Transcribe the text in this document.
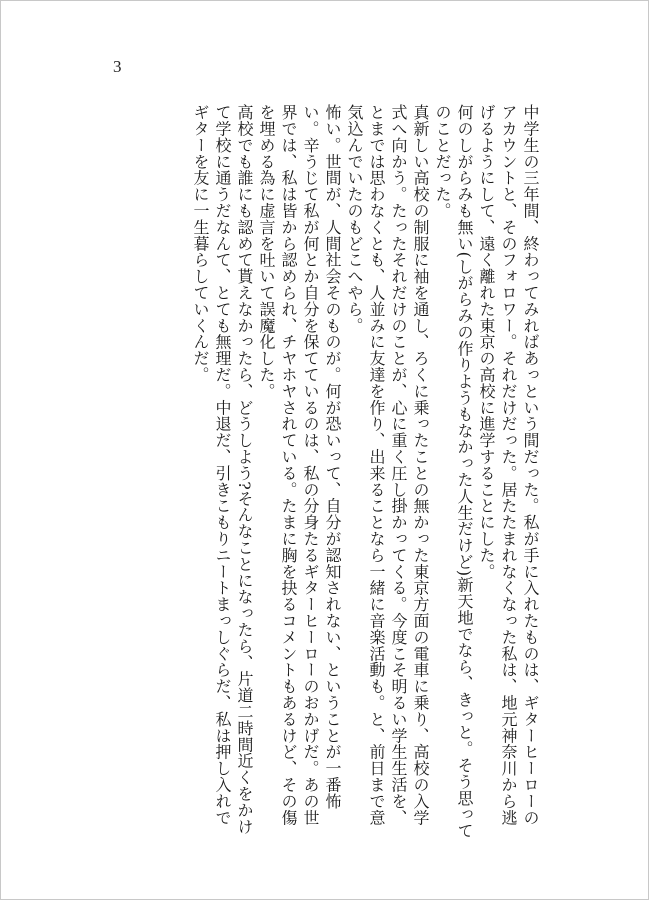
3

中学生の三年間、終わってみればあっという間だった。私が手に入れたものは、ギターヒーローのアカウントと、そのフォロワー。それだけだった。居たたまれなくなった私は、地元神奈川から逃げるようにして、遠く離れた東京の高校に進学することにした。

何のしがらみも無い(しがらみの作りようもなかった人生だけど)新天地でなら、きっと。そう思ってのことだった。

真新しい高校の制服に袖を通し、ろくに乗ったことの無かった東京方面の電車に乗り、高校の入学式へ向かう。たったそれだけのことが、心に重く圧し掛かってくる。今度こそ明るい学生生活を、とまでは思わなくとも、人並みに友達を作り、出来ることなら一緒に音楽活動も。と、前日まで意気込んでいたのもどこへやら。

怖い。世間が、人間社会そのものが。何が恐いって、自分が認知されない、ということが一番怖い。辛うじて私が何とか自分を保てているのは、私の分身たるギターヒーローのおかげだ。あの世界では、私は皆から認められ、チヤホヤされている。たまに胸を抉るコメントもあるけど、その傷を埋める為に虚言を吐いて誤魔化した。

高校でも誰にも認めて貰えなかったら、どうしよう?そんなことになったら、片道二時間近くをかけて学校に通うだなんて、とても無理だ。中退だ、引きこもりニートまっしぐらだ、私は押し入れでギターを友に一生暮らしていくんだ。
